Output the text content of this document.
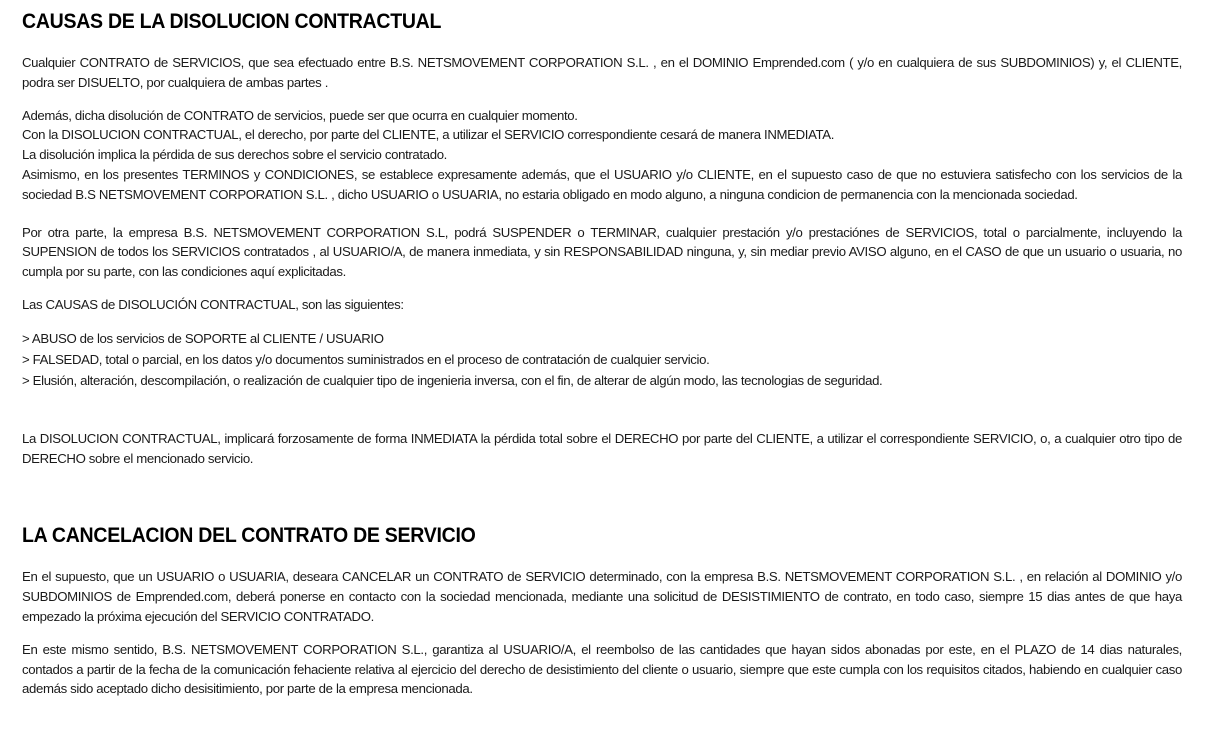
CAUSAS DE LA DISOLUCION CONTRACTUAL

Cualquier CONTRATO de SERVICIOS, que sea efectuado entre B.S. NETSMOVEMENT CORPORATION S.L. , en el DOMINIO Emprended.com ( y/o en cualquiera de sus SUBDOMINIOS) y, el CLIENTE, podra ser DISUELTO, por cualquiera de ambas partes .

Además, dicha disolución de CONTRATO de servicios, puede ser que ocurra en cualquier momento.

Con la DISOLUCION CONTRACTUAL, el derecho, por parte del CLIENTE, a utilizar el SERVICIO correspondiente cesará de manera INMEDIATA.

La disolución implica la pérdida de sus derechos sobre el servicio contratado.

Asimismo, en los presentes TERMINOS y CONDICIONES, se establece expresamente además, que el USUARIO y/o CLIENTE, en el supuesto caso de que no estuviera satisfecho con los servicios de la sociedad B.S NETSMOVEMENT CORPORATION S.L. , dicho USUARIO o USUARIA, no estaria obligado en modo alguno, a ninguna condicion de permanencia con la mencionada sociedad.

Por otra parte, la empresa B.S. NETSMOVEMENT CORPORATION S.L, podrá SUSPENDER o TERMINAR, cualquier prestación y/o prestaciónes de SERVICIOS, total o parcialmente, incluyendo la SUPENSION de todos los SERVICIOS contratados , al USUARIO/A, de manera inmediata, y sin RESPONSABILIDAD ninguna, y, sin mediar previo AVISO alguno, en el CASO de que un usuario o usuaria, no cumpla por su parte, con las condiciones aquí explicitadas.

Las CAUSAS de DISOLUCIÓN CONTRACTUAL, son las siguientes:

> ABUSO de los servicios de SOPORTE al CLIENTE / USUARIO
> FALSEDAD, total o parcial, en los datos y/o documentos suministrados en el proceso de contratación de cualquier servicio.
> Elusión, alteración, descompilación, o realización de cualquier tipo de ingenieria inversa, con el fin, de alterar de algún modo, las tecnologias de seguridad.

La DISOLUCION CONTRACTUAL, implicará forzosamente de forma INMEDIATA la pérdida total sobre el DERECHO por parte del CLIENTE, a utilizar el correspondiente SERVICIO, o, a cualquier otro tipo de DERECHO sobre el mencionado servicio.

LA CANCELACION DEL CONTRATO DE SERVICIO

En el supuesto, que un USUARIO o USUARIA, deseara CANCELAR un CONTRATO de SERVICIO determinado, con la empresa B.S. NETSMOVEMENT CORPORATION S.L. , en relación al DOMINIO y/o SUBDOMINIOS de Emprended.com, deberá ponerse en contacto con la sociedad mencionada, mediante una solicitud de DESISTIMIENTO de contrato, en todo caso, siempre 15 dias antes de que haya empezado la próxima ejecución del SERVICIO CONTRATADO.

En este mismo sentido, B.S. NETSMOVEMENT CORPORATION S.L., garantiza al USUARIO/A, el reembolso de las cantidades que hayan sidos abonadas por este, en el PLAZO de 14 dias naturales, contados a partir de la fecha de la comunicación fehaciente relativa al ejercicio del derecho de desistimiento del cliente o usuario, siempre que este cumpla con los requisitos citados, habiendo en cualquier caso además sido aceptado dicho desisitimiento, por parte de la empresa mencionada.
